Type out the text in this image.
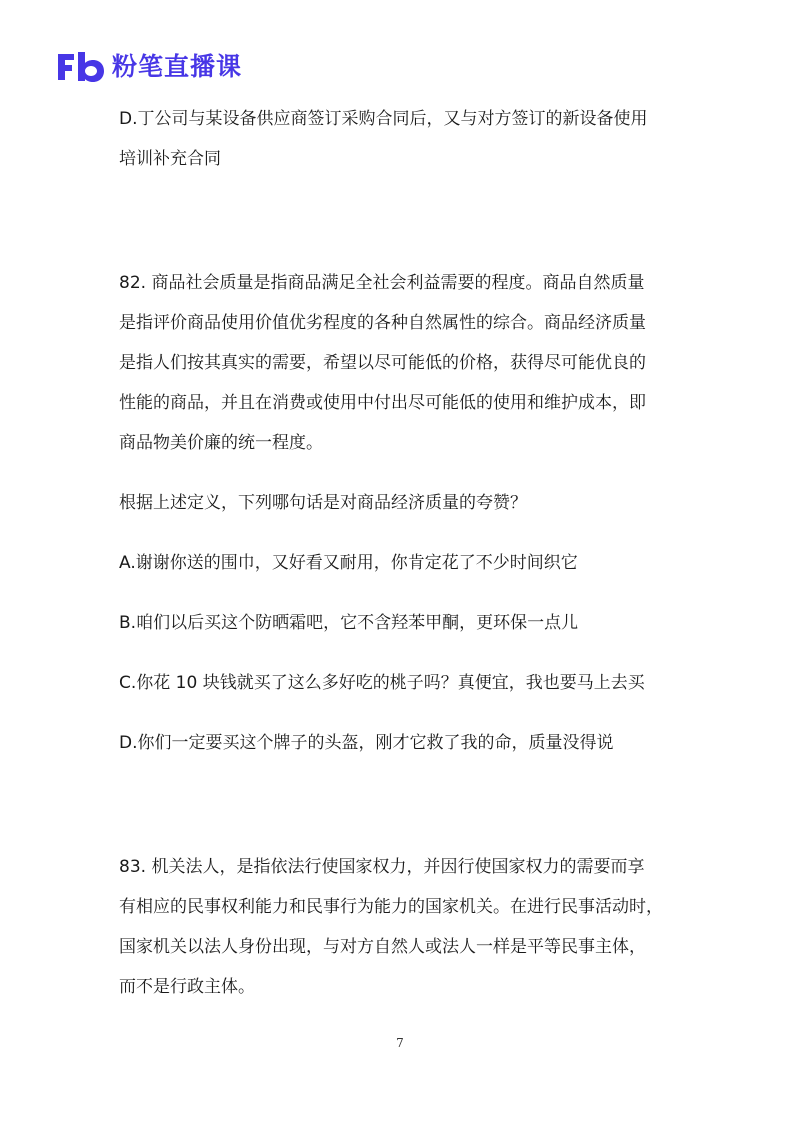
粉笔直播课
D.丁公司与某设备供应商签订采购合同后，又与对方签订的新设备使用
培训补充合同
82. 商品社会质量是指商品满足全社会利益需要的程度。商品自然质量
是指评价商品使用价值优劣程度的各种自然属性的综合。商品经济质量
是指人们按其真实的需要，希望以尽可能低的价格，获得尽可能优良的
性能的商品，并且在消费或使用中付出尽可能低的使用和维护成本，即
商品物美价廉的统一程度。
根据上述定义，下列哪句话是对商品经济质量的夸赞？
A.谢谢你送的围巾，又好看又耐用，你肯定花了不少时间织它
B.咱们以后买这个防晒霜吧，它不含羟苯甲酮，更环保一点儿
C.你花 10 块钱就买了这么多好吃的桃子吗？真便宜，我也要马上去买
D.你们一定要买这个牌子的头盔，刚才它救了我的命，质量没得说
83. 机关法人，是指依法行使国家权力，并因行使国家权力的需要而享
有相应的民事权利能力和民事行为能力的国家机关。在进行民事活动时，
国家机关以法人身份出现，与对方自然人或法人一样是平等民事主体，
而不是行政主体。
7
